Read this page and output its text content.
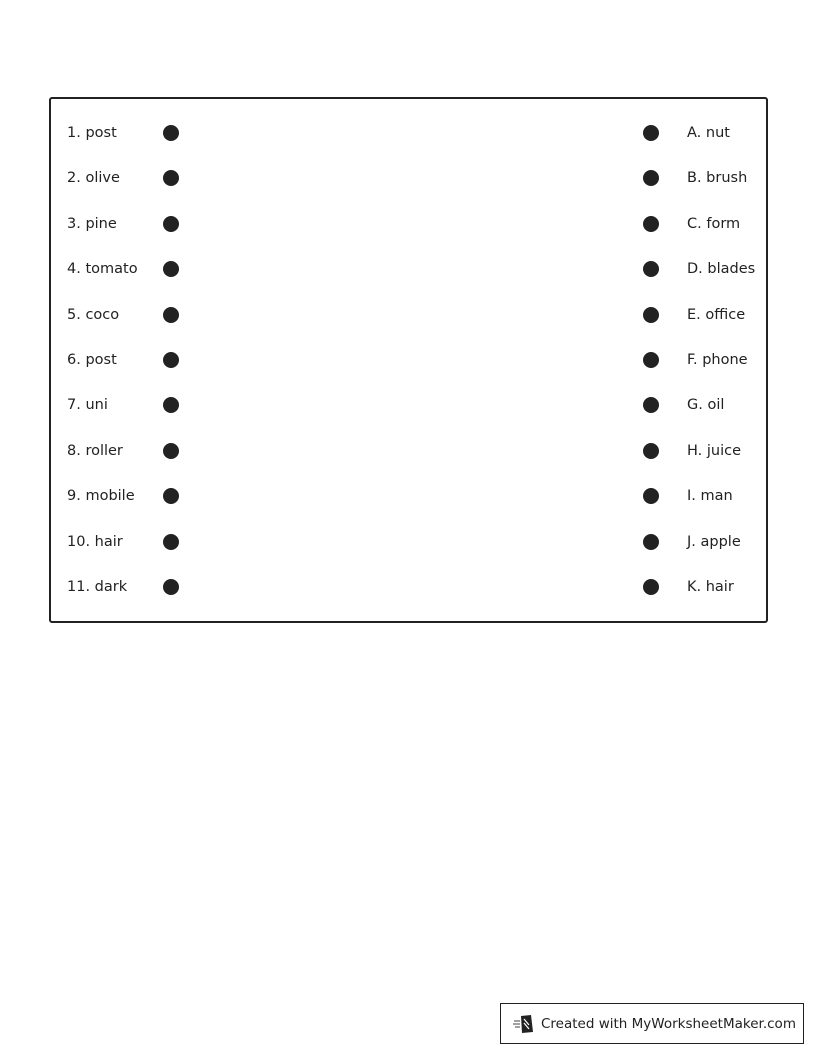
1. post	A. nut
2. olive	B. brush
3. pine	C. form
4. tomato	D. blades
5. coco	E. office
6. post	F. phone
7. uni	G. oil
8. roller	H. juice
9. mobile	I. man
10. hair	J. apple
11. dark	K. hair
Created with MyWorksheetMaker.com
